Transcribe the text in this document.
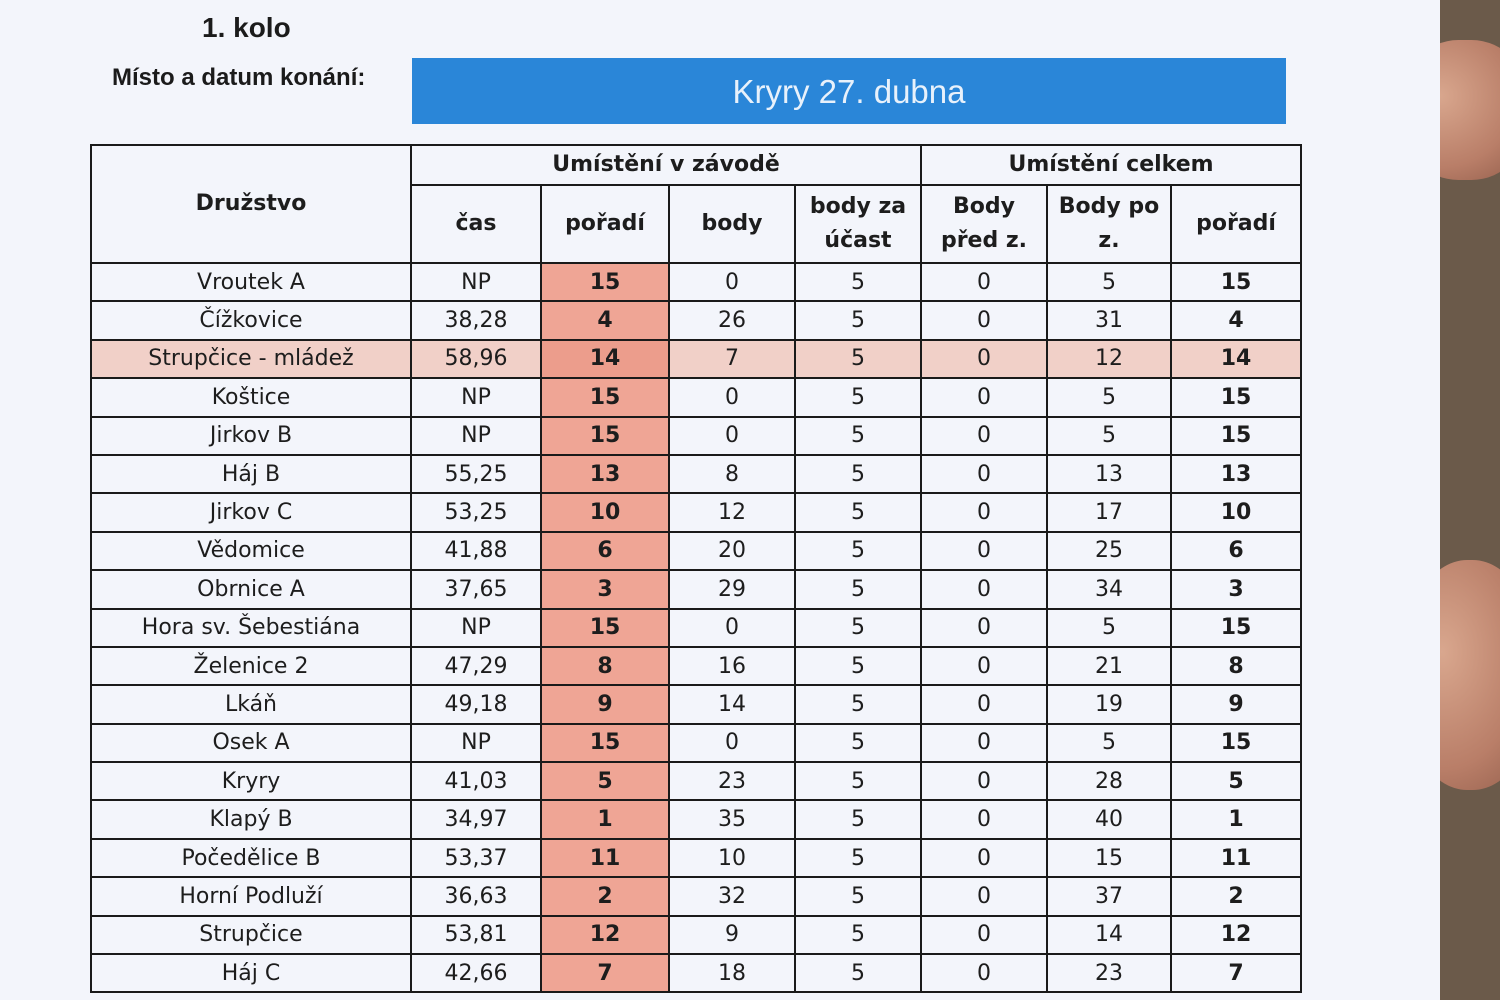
1. kolo
Místo a datum konání:	Kryry 27. dubna
Družstvo	Umístění v závodě				Umístění celkem		
	čas	pořadí	body	body za účast	Body před z.	Body po z.	pořadí
Vroutek A	NP	15	0	5	0	5	15
Čížkovice	38,28	4	26	5	0	31	4
Strupčice - mládež	58,96	14	7	5	0	12	14
Koštice	NP	15	0	5	0	5	15
Jirkov B	NP	15	0	5	0	5	15
Háj B	55,25	13	8	5	0	13	13
Jirkov C	53,25	10	12	5	0	17	10
Vědomice	41,88	6	20	5	0	25	6
Obrnice A	37,65	3	29	5	0	34	3
Hora sv. Šebestiána	NP	15	0	5	0	5	15
Želenice 2	47,29	8	16	5	0	21	8
Lkáň	49,18	9	14	5	0	19	9
Osek A	NP	15	0	5	0	5	15
Kryry	41,03	5	23	5	0	28	5
Klapý B	34,97	1	35	5	0	40	1
Počedělice B	53,37	11	10	5	0	15	11
Horní Podluží	36,63	2	32	5	0	37	2
Strupčice	53,81	12	9	5	0	14	12
Háj C	42,66	7	18	5	0	23	7
